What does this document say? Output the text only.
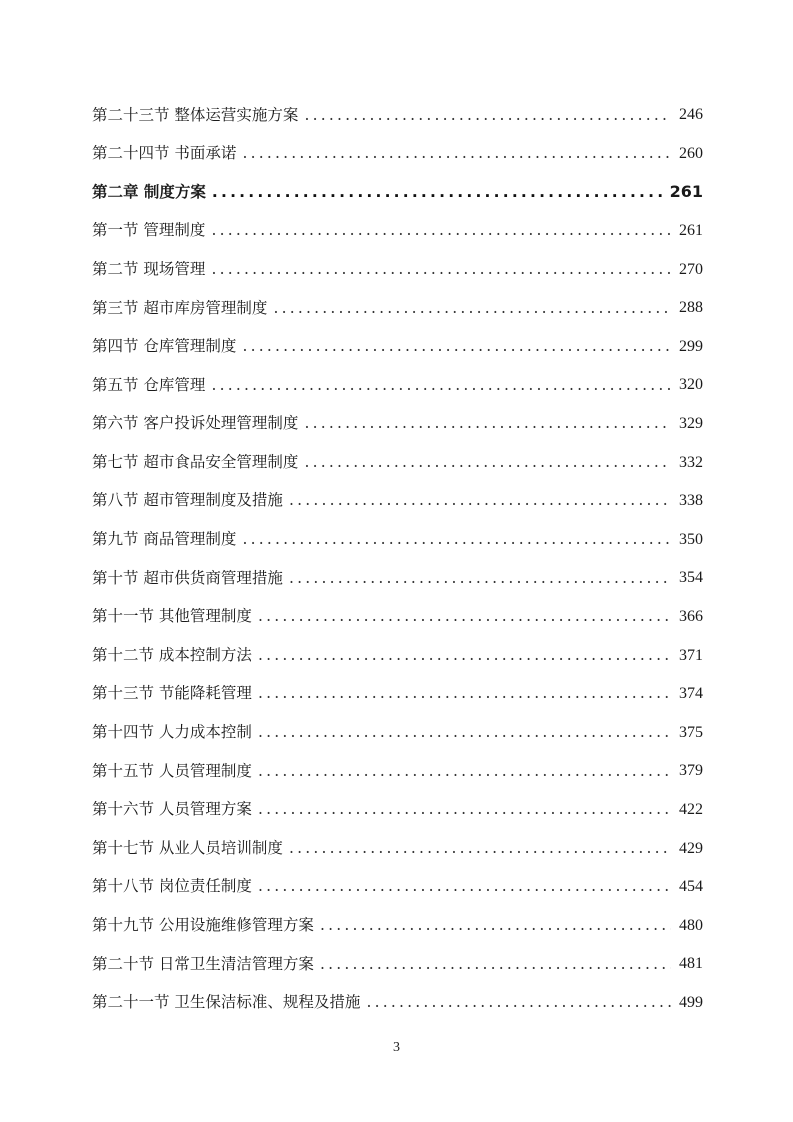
第二十三节 整体运营实施方案 .....	246
第二十四节 书面承诺 .....	260
第二章 制度方案 .....	261
第一节 管理制度 .....	261
第二节 现场管理 .....	270
第三节 超市库房管理制度 .....	288
第四节 仓库管理制度 .....	299
第五节 仓库管理 .....	320
第六节 客户投诉处理管理制度 .....	329
第七节 超市食品安全管理制度 .....	332
第八节 超市管理制度及措施 .....	338
第九节 商品管理制度 .....	350
第十节 超市供货商管理措施 .....	354
第十一节 其他管理制度 .....	366
第十二节 成本控制方法 .....	371
第十三节 节能降耗管理 .....	374
第十四节 人力成本控制 .....	375
第十五节 人员管理制度 .....	379
第十六节 人员管理方案 .....	422
第十七节 从业人员培训制度 .....	429
第十八节 岗位责任制度 .....	454
第十九节 公用设施维修管理方案 .....	480
第二十节 日常卫生清洁管理方案 .....	481
第二十一节 卫生保洁标准、规程及措施 .....	499
3
